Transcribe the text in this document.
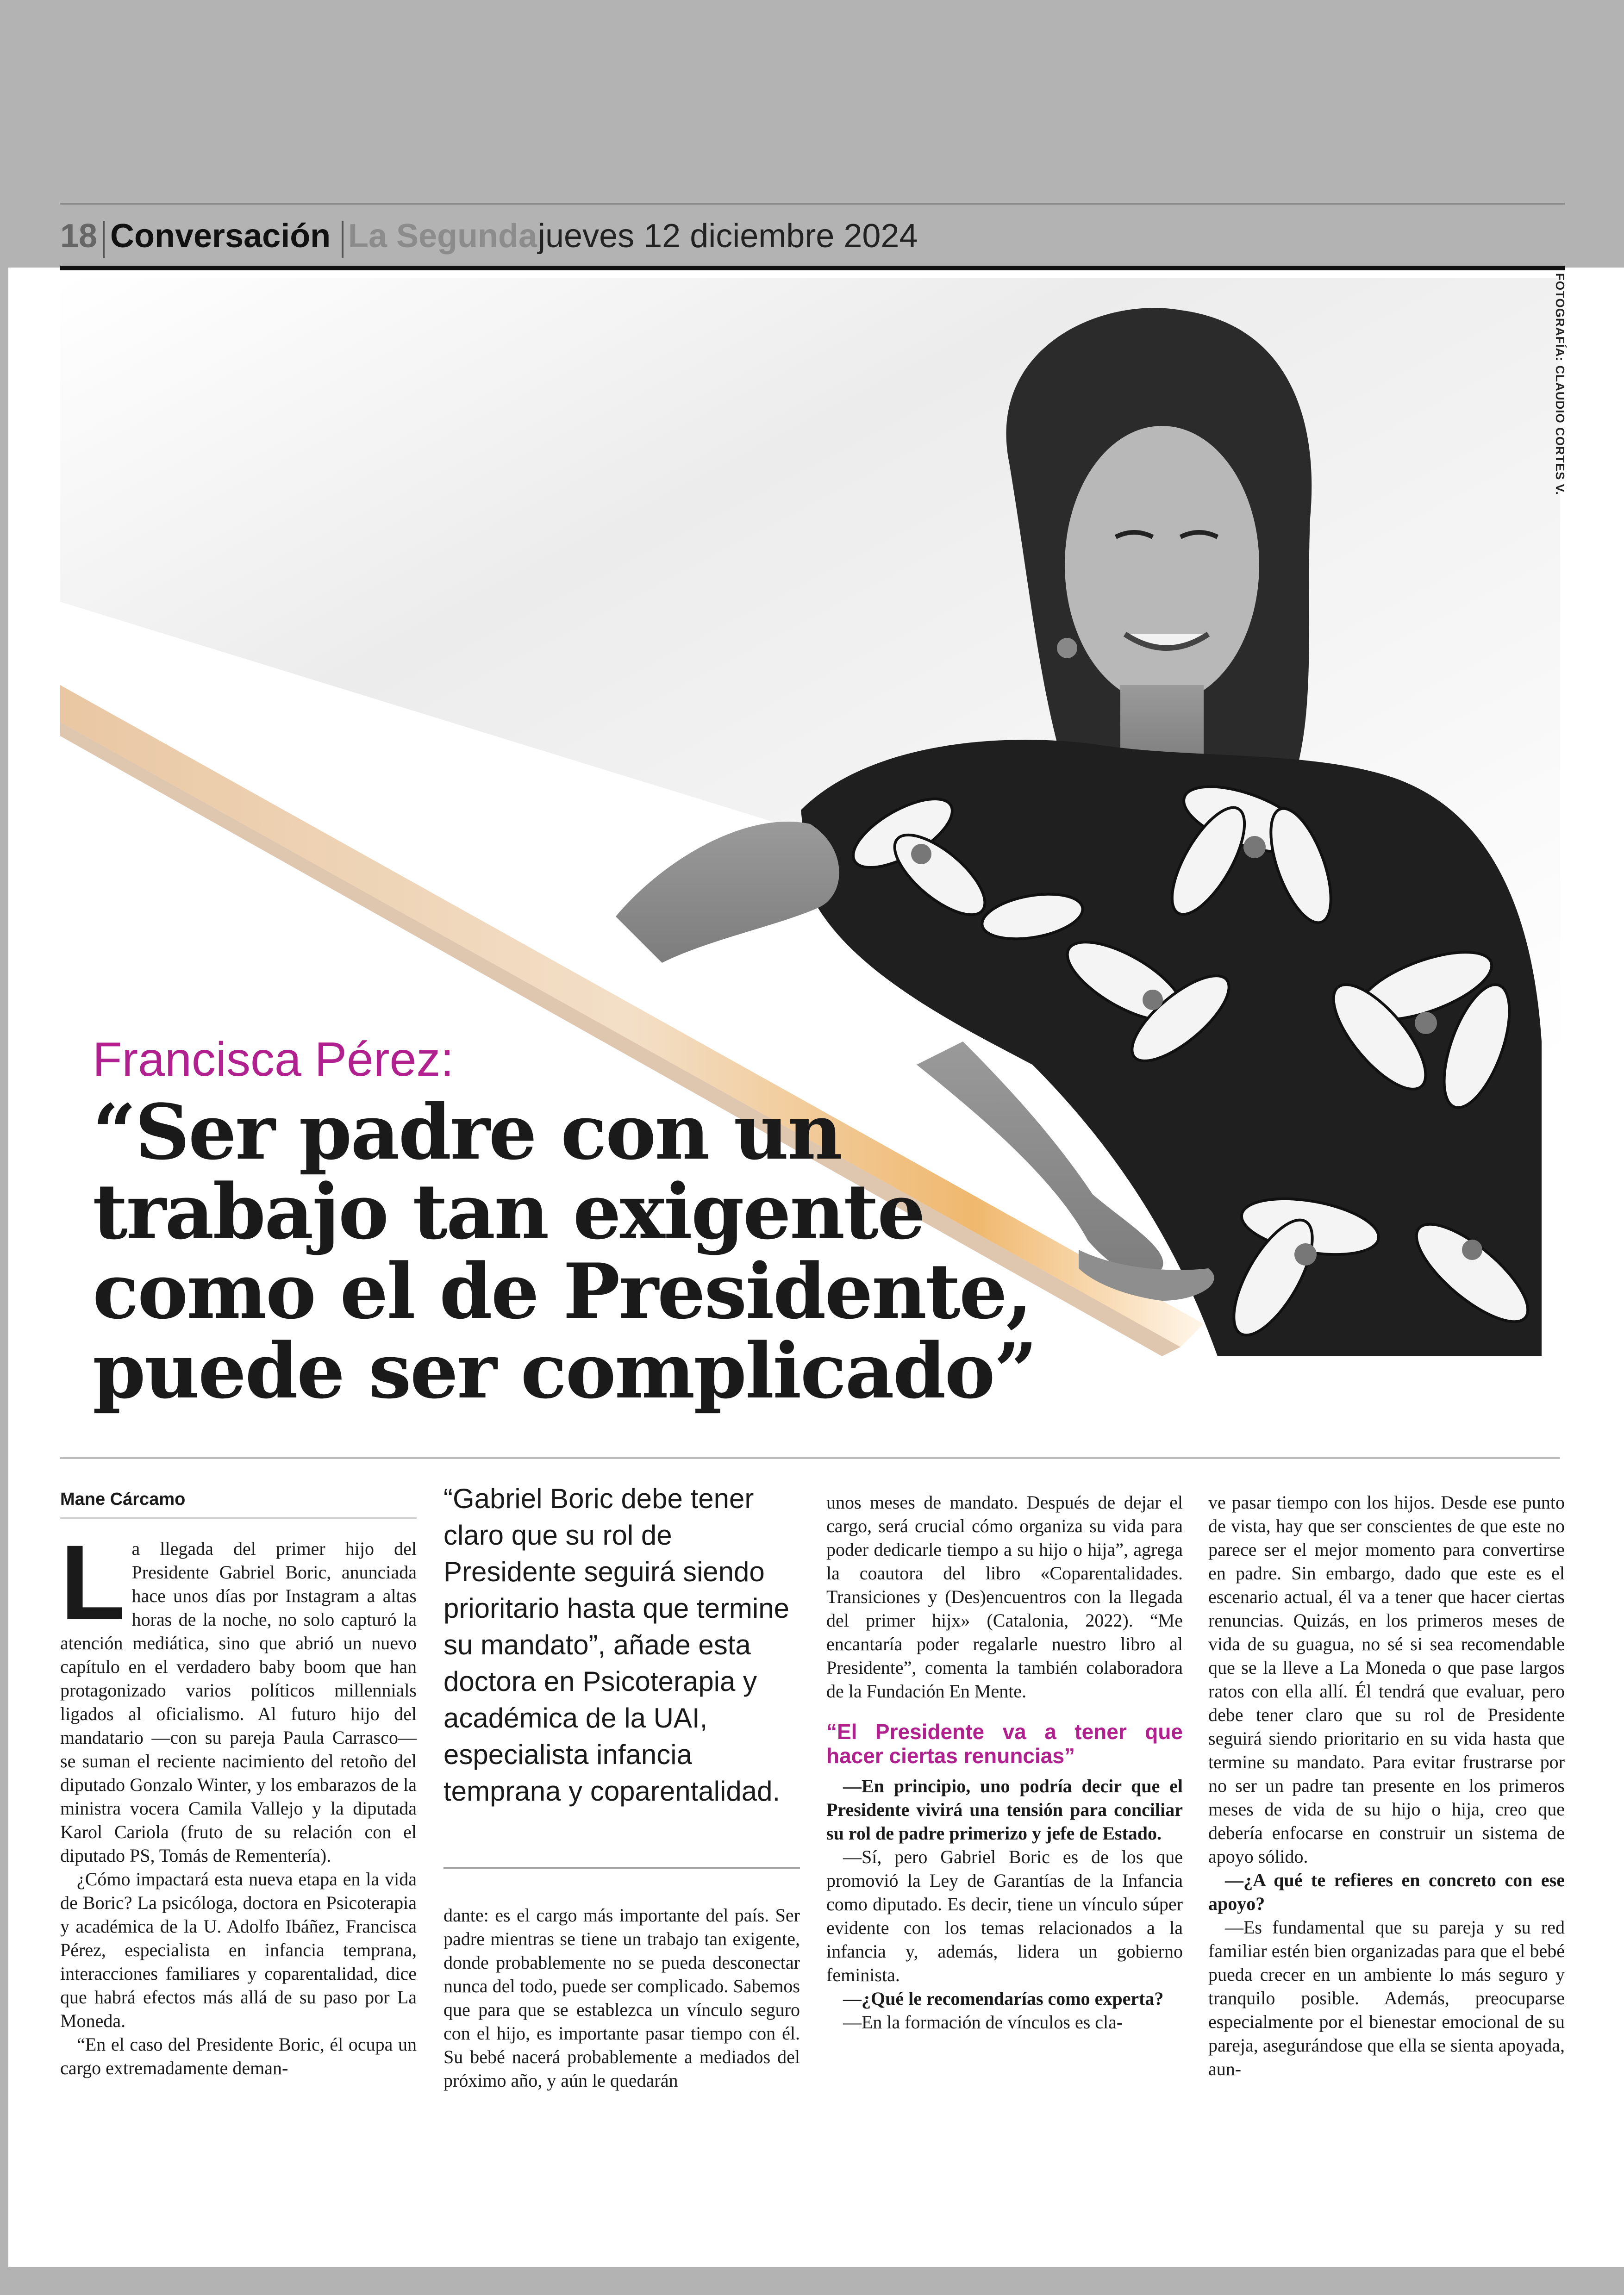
18 Conversación La Segunda jueves 12 diciembre 2024
FOTOGRAFÍA: CLAUDIO CORTES V.
Francisca Pérez:
“Ser padre con un trabajo tan exigente como el de Presidente, puede ser complicado”
Mane Cárcamo

La llegada del primer hijo del Presidente Gabriel Boric, anunciada hace unos días por Instagram a altas horas de la noche, no solo capturó la atención mediática, sino que abrió un nuevo capítulo en el verdadero baby boom que han protagonizado varios políticos millennials ligados al oficialismo. Al futuro hijo del mandatario —con su pareja Paula Carrasco— se suman el reciente nacimiento del retoño del diputado Gonzalo Winter, y los embarazos de la ministra vocera Camila Vallejo y la diputada Karol Cariola (fruto de su relación con el diputado PS, Tomás de Rementería).

¿Cómo impactará esta nueva etapa en la vida de Boric? La psicóloga, doctora en Psicoterapia y académica de la U. Adolfo Ibáñez, Francisca Pérez, especialista en infancia temprana, interacciones familiares y coparentalidad, dice que habrá efectos más allá de su paso por La Moneda.

“En el caso del Presidente Boric, él ocupa un cargo extremadamente deman-

“Gabriel Boric debe tener claro que su rol de Presidente seguirá siendo prioritario hasta que termine su mandato”, añade esta doctora en Psicoterapia y académica de la UAI, especialista infancia temprana y coparentalidad.

dante: es el cargo más importante del país. Ser padre mientras se tiene un trabajo tan exigente, donde probablemente no se pueda desconectar nunca del todo, puede ser complicado. Sabemos que para que se establezca un vínculo seguro con el hijo, es importante pasar tiempo con él. Su bebé nacerá probablemente a mediados del próximo año, y aún le quedarán

unos meses de mandato. Después de dejar el cargo, será crucial cómo organiza su vida para poder dedicarle tiempo a su hijo o hija”, agrega la coautora del libro «Coparentalidades. Transiciones y (Des)encuentros con la llegada del primer hijx» (Catalonia, 2022). “Me encantaría poder regalarle nuestro libro al Presidente”, comenta la también colaboradora de la Fundación En Mente.

“El Presidente va a tener que hacer ciertas renuncias”

—En principio, uno podría decir que el Presidente vivirá una tensión para conciliar su rol de padre primerizo y jefe de Estado.

—Sí, pero Gabriel Boric es de los que promovió la Ley de Garantías de la Infancia como diputado. Es decir, tiene un vínculo súper evidente con los temas relacionados a la infancia y, además, lidera un gobierno feminista.

—¿Qué le recomendarías como experta?

—En la formación de vínculos es cla-

ve pasar tiempo con los hijos. Desde ese punto de vista, hay que ser conscientes de que este no parece ser el mejor momento para convertirse en padre. Sin embargo, dado que este es el escenario actual, él va a tener que hacer ciertas renuncias. Quizás, en los primeros meses de vida de su guagua, no sé si sea recomendable que se la lleve a La Moneda o que pase largos ratos con ella allí. Él tendrá que evaluar, pero debe tener claro que su rol de Presidente seguirá siendo prioritario en su vida hasta que termine su mandato. Para evitar frustrarse por no ser un padre tan presente en los primeros meses de vida de su hijo o hija, creo que debería enfocarse en construir un sistema de apoyo sólido.

—¿A qué te refieres en concreto con ese apoyo?

—Es fundamental que su pareja y su red familiar estén bien organizadas para que el bebé pueda crecer en un ambiente lo más seguro y tranquilo posible. Además, preocuparse especialmente por el bienestar emocional de su pareja, asegurándose que ella se sienta apoyada, aun-
